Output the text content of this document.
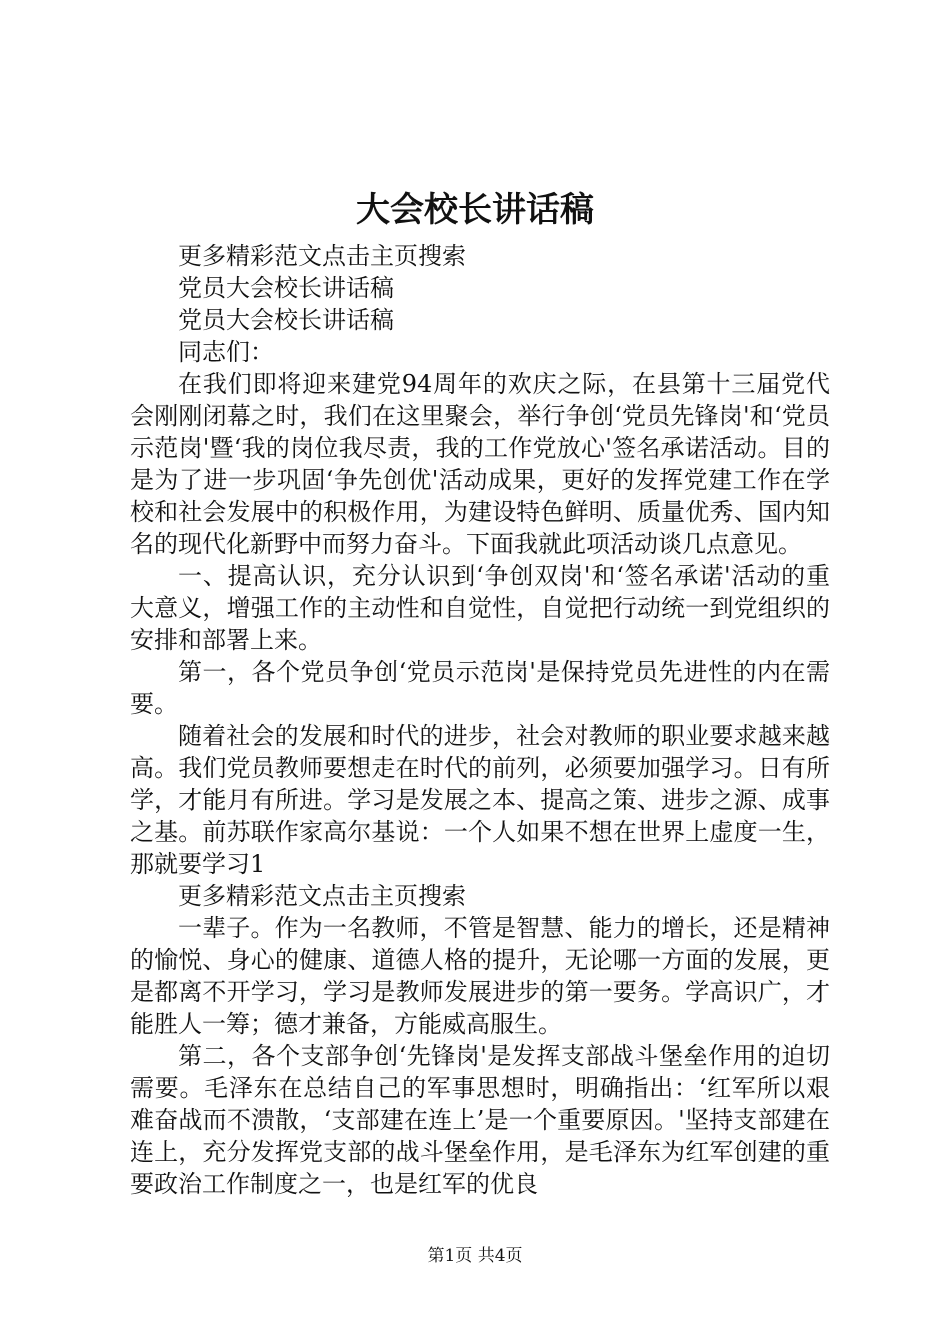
大会校长讲话稿

更多精彩范文点击主页搜索

党员大会校长讲话稿

党员大会校长讲话稿

同志们：

在我们即将迎来建党94周年的欢庆之际，在县第十三届党代会刚刚闭幕之时，我们在这里聚会，举行争创‘党员先锋岗'和‘党员示范岗'暨‘我的岗位我尽责，我的工作党放心'签名承诺活动。目的是为了进一步巩固‘争先创优'活动成果，更好的发挥党建工作在学校和社会发展中的积极作用，为建设特色鲜明、质量优秀、国内知名的现代化新野中而努力奋斗。下面我就此项活动谈几点意见。

一、提高认识，充分认识到‘争创双岗'和‘签名承诺'活动的重大意义，增强工作的主动性和自觉性，自觉把行动统一到党组织的安排和部署上来。

第一，各个党员争创‘党员示范岗'是保持党员先进性的内在需要。

随着社会的发展和时代的进步，社会对教师的职业要求越来越高。我们党员教师要想走在时代的前列，必须要加强学习。日有所学，才能月有所进。学习是发展之本、提高之策、进步之源、成事之基。前苏联作家高尔基说：一个人如果不想在世界上虚度一生，那就要学习1

更多精彩范文点击主页搜索

一辈子。作为一名教师，不管是智慧、能力的增长，还是精神的愉悦、身心的健康、道德人格的提升，无论哪一方面的发展，更是都离不开学习，学习是教师发展进步的第一要务。学高识广，才能胜人一筹；德才兼备，方能威高服生。

第二，各个支部争创‘先锋岗'是发挥支部战斗堡垒作用的迫切需要。毛泽东在总结自己的军事思想时，明确指出：‘红军所以艰难奋战而不溃散，‘支部建在连上’是一个重要原因。'坚持支部建在连上，充分发挥党支部的战斗堡垒作用，是毛泽东为红军创建的重要政治工作制度之一，也是红军的优良

第1页 共4页
